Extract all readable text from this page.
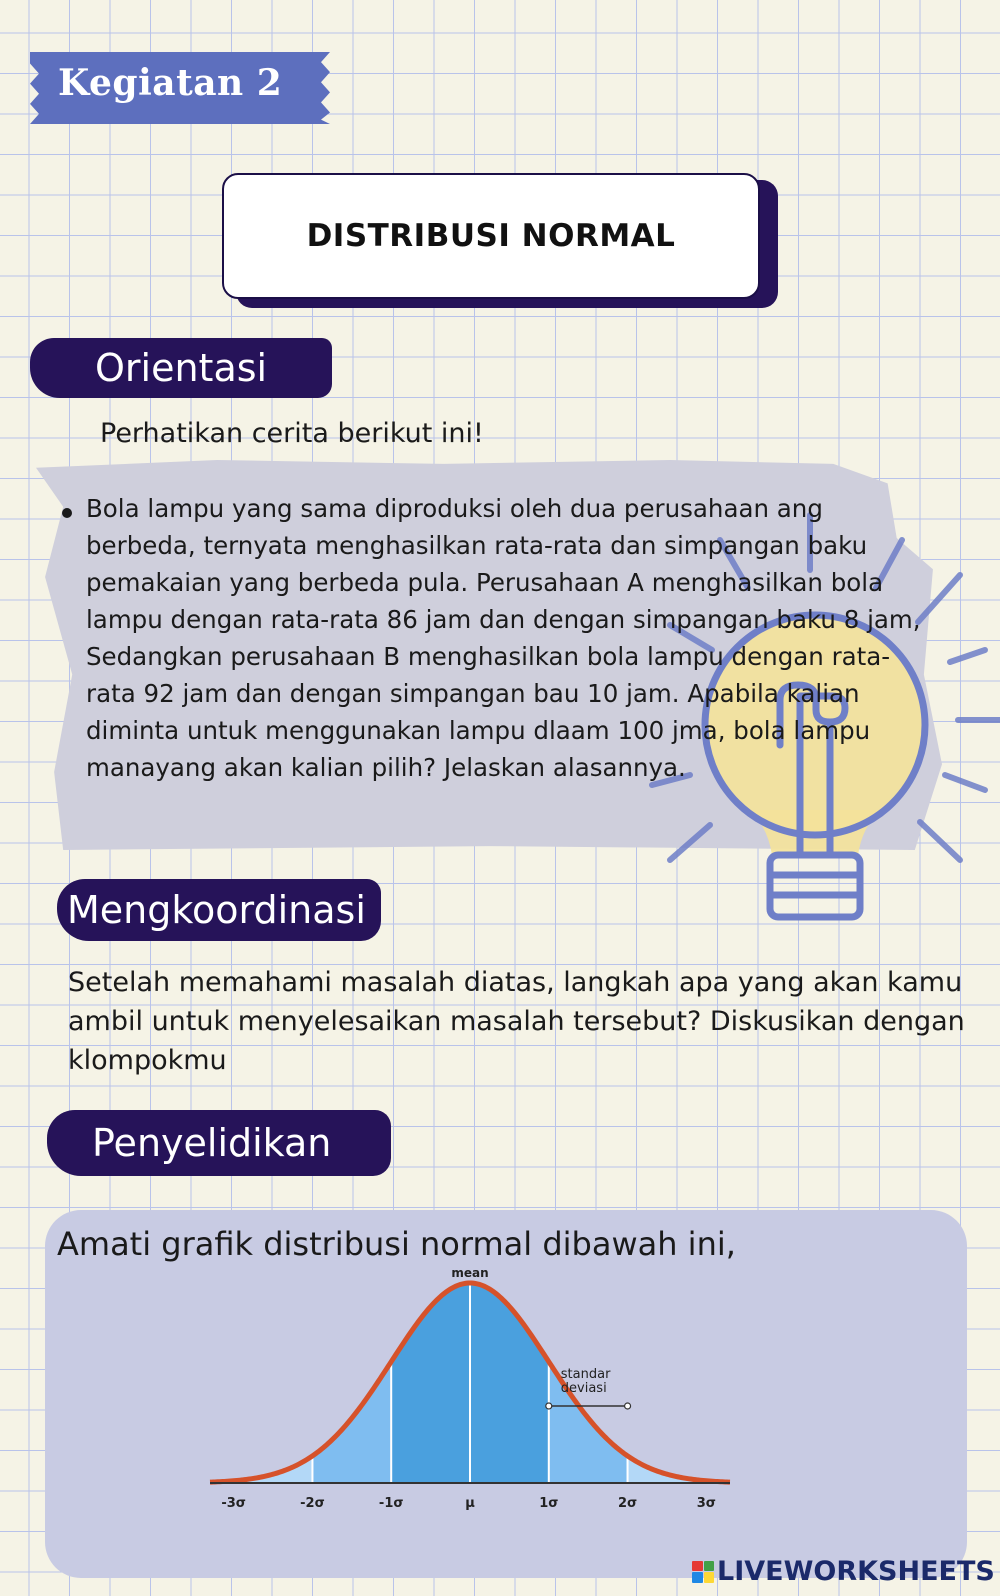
Kegiatan 2
DISTRIBUSI NORMAL
Orientasi
Perhatikan cerita berikut ini!
Bola lampu yang sama diproduksi oleh dua perusahaan ang berbeda, ternyata menghasilkan rata-rata dan simpangan baku pemakaian yang berbeda pula. Perusahaan A menghasilkan bola lampu dengan rata-rata 86 jam dan dengan simpangan baku 8 jam, Sedangkan perusahaan B menghasilkan bola lampu dengan rata-rata 92 jam dan dengan simpangan bau 10 jam. Apabila kalian diminta untuk menggunakan lampu dlaam 100 jma, bola lampu manayang akan kalian pilih? Jelaskan alasannya.
Mengkoordinasi
Setelah memahami masalah diatas, langkah apa yang akan kamu ambil untuk menyelesaikan masalah tersebut? Diskusikan dengan klompokmu
Penyelidikan
Amati grafik distribusi normal dibawah ini,
-3σ	-2σ	-1σ	μ	1σ	2σ	3σ
mean
standar
deviasi
LIVEWORKSHEETS
